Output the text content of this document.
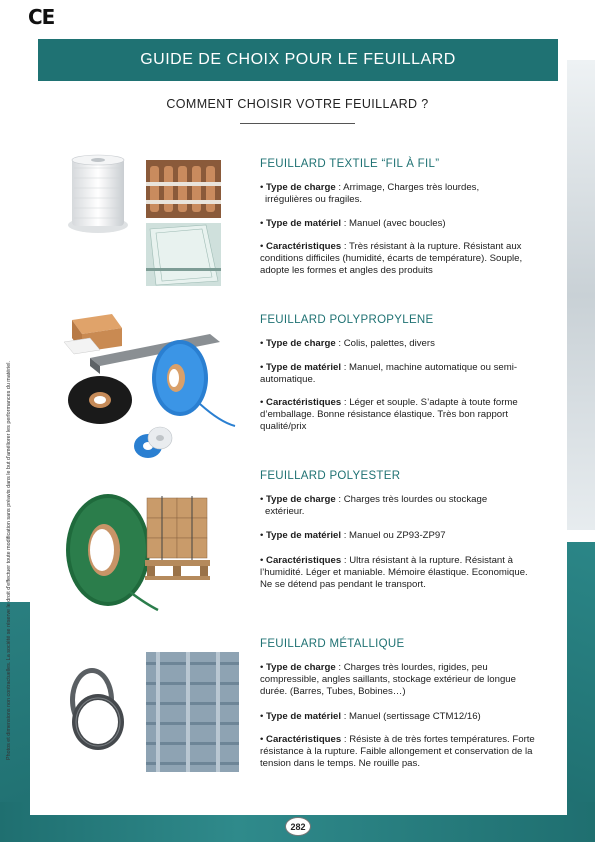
CE
GUIDE DE CHOIX POUR LE FEUILLARD
COMMENT CHOISIR VOTRE FEUILLARD ?
Photos et dimensions non contractuelles. La société se réserve le droit d'effectuer toute modification sans préavis dans le but d'améliorer les performances du matériel.
FEUILLARD TEXTILE “FIL À FIL”
• Type de charge : Arrimage, Charges très lourdes,
irrégulières ou fragiles.
• Type de matériel : Manuel (avec boucles)
• Caractéristiques : Très résistant à la rupture. Résistant aux conditions difficiles (humidité, écarts de température). Souple, adopte les formes et angles des produits
FEUILLARD POLYPROPYLENE
• Type de charge : Colis, palettes, divers
• Type de matériel : Manuel, machine automatique ou semi-automatique.
• Caractéristiques : Léger et souple. S’adapte à toute forme d’emballage. Bonne résistance élastique. Très bon rapport qualité/prix
FEUILLARD POLYESTER
• Type de charge : Charges très lourdes ou stockage
extérieur.
• Type de matériel : Manuel ou ZP93-ZP97
• Caractéristiques : Ultra résistant à la rupture. Résistant à l’humidité. Léger et maniable. Mémoire élastique. Economique. Ne se détend pas pendant le transport.
FEUILLARD MÉTALLIQUE
• Type de charge : Charges très lourdes, rigides, peu compressible, angles saillants, stockage extérieur de longue durée. (Barres, Tubes, Bobines…)
• Type de matériel : Manuel (sertissage CTM12/16)
• Caractéristiques : Résiste à de très fortes températures. Forte résistance à la rupture. Faible allongement et conservation de la tension dans le temps. Ne rouille pas.
282
